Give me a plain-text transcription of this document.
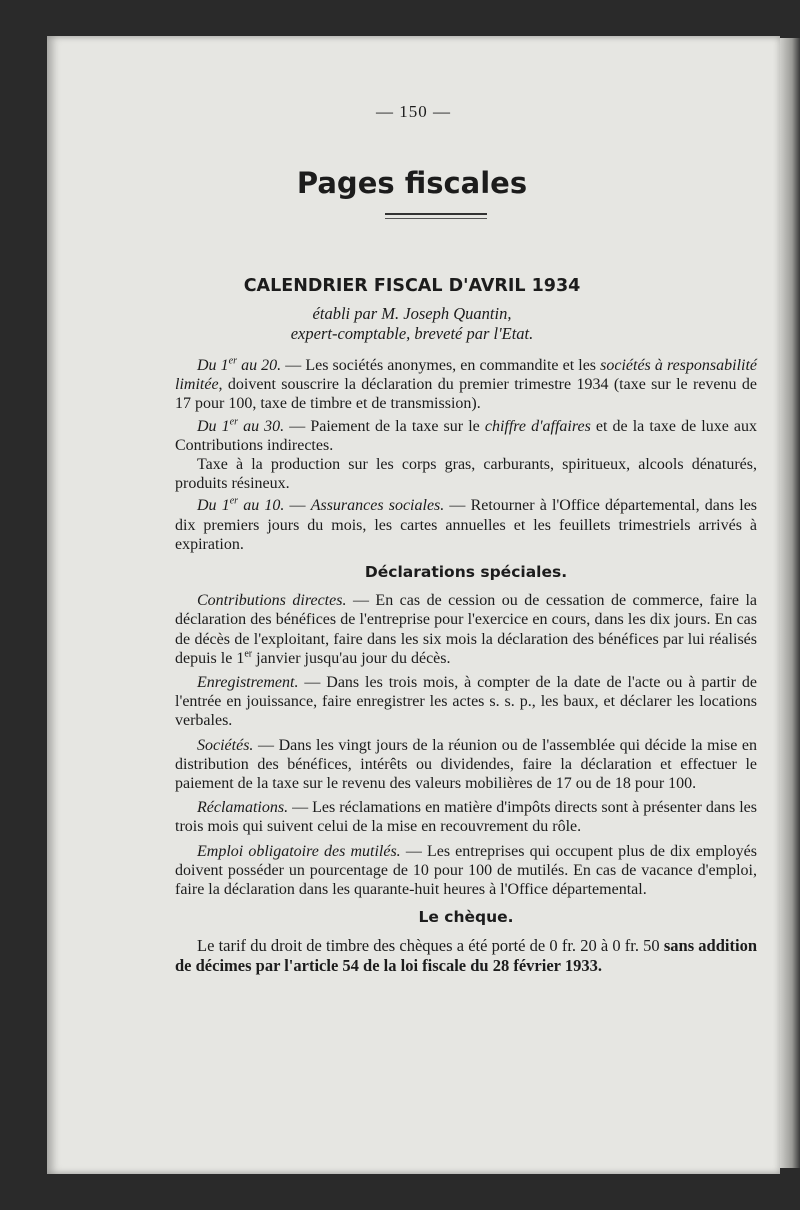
— 150 —
Pages fiscales
CALENDRIER FISCAL D'AVRIL 1934
établi par M. Joseph Quantin,
expert-comptable, breveté par l'Etat.

Du 1er au 20. — Les sociétés anonymes, en commandite et les sociétés à responsabilité limitée, doivent souscrire la déclaration du premier trimestre 1934 (taxe sur le revenu de 17 pour 100, taxe de timbre et de transmission).

Du 1er au 30. — Paiement de la taxe sur le chiffre d'affaires et de la taxe de luxe aux Contributions indirectes.

Taxe à la production sur les corps gras, carburants, spiritueux, alcools dénaturés, produits résineux.

Du 1er au 10. — Assurances sociales. — Retourner à l'Office départemental, dans les dix premiers jours du mois, les cartes annuelles et les feuillets trimestriels arrivés à expiration.

Déclarations spéciales.

Contributions directes. — En cas de cession ou de cessation de commerce, faire la déclaration des bénéfices de l'entreprise pour l'exercice en cours, dans les dix jours. En cas de décès de l'exploitant, faire dans les six mois la déclaration des bénéfices par lui réalisés depuis le 1er janvier jusqu'au jour du décès.

Enregistrement. — Dans les trois mois, à compter de la date de l'acte ou à partir de l'entrée en jouissance, faire enregistrer les actes s. s. p., les baux, et déclarer les locations verbales.

Sociétés. — Dans les vingt jours de la réunion ou de l'assemblée qui décide la mise en distribution des bénéfices, intérêts ou dividendes, faire la déclaration et effectuer le paiement de la taxe sur le revenu des valeurs mobilières de 17 ou de 18 pour 100.

Réclamations. — Les réclamations en matière d'impôts directs sont à présenter dans les trois mois qui suivent celui de la mise en recouvrement du rôle.

Emploi obligatoire des mutilés. — Les entreprises qui occupent plus de dix employés doivent posséder un pourcentage de 10 pour 100 de mutilés. En cas de vacance d'emploi, faire la déclaration dans les quarante-huit heures à l'Office départemental.

Le chèque.

Le tarif du droit de timbre des chèques a été porté de 0 fr. 20 à 0 fr. 50 sans addition de décimes par l'article 54 de la loi fiscale du 28 février 1933.
